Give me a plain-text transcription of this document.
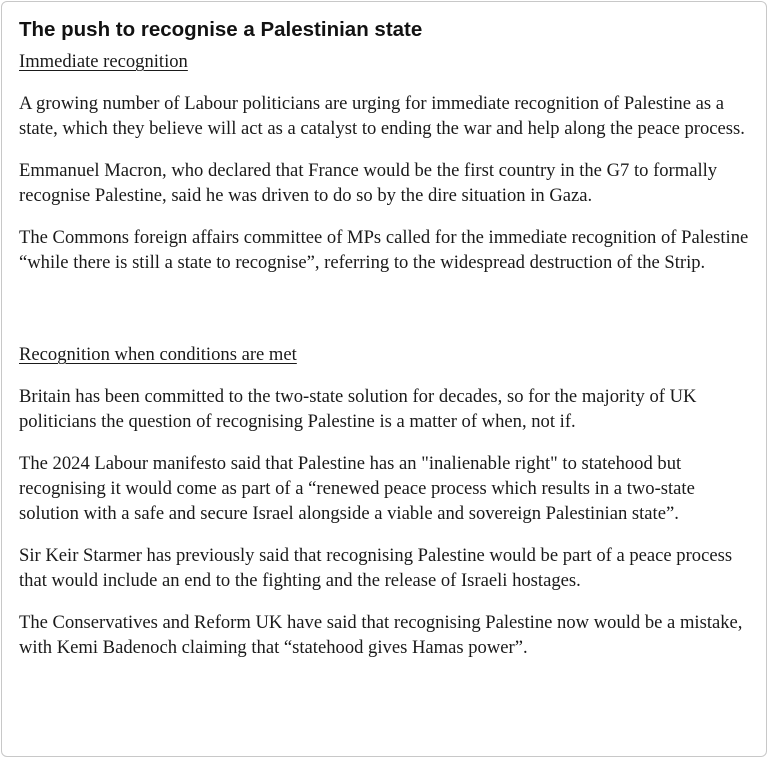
The push to recognise a Palestinian state
Immediate recognition

A growing number of Labour politicians are urging for immediate recognition of Palestine as a state, which they believe will act as a catalyst to ending the war and help along the peace process.

Emmanuel Macron, who declared that France would be the first country in the G7 to formally recognise Palestine, said he was driven to do so by the dire situation in Gaza.

The Commons foreign affairs committee of MPs called for the immediate recognition of Palestine “while there is still a state to recognise”, referring to the widespread destruction of the Strip.

Recognition when conditions are met

Britain has been committed to the two-state solution for decades, so for the majority of UK politicians the question of recognising Palestine is a matter of when, not if.

The 2024 Labour manifesto said that Palestine has an "inalienable right" to statehood but recognising it would come as part of a “renewed peace process which results in a two-state solution with a safe and secure Israel alongside a viable and sovereign Palestinian state”.

Sir Keir Starmer has previously said that recognising Palestine would be part of a peace process that would include an end to the fighting and the release of Israeli hostages.

The Conservatives and Reform UK have said that recognising Palestine now would be a mistake, with Kemi Badenoch claiming that “statehood gives Hamas power”.
